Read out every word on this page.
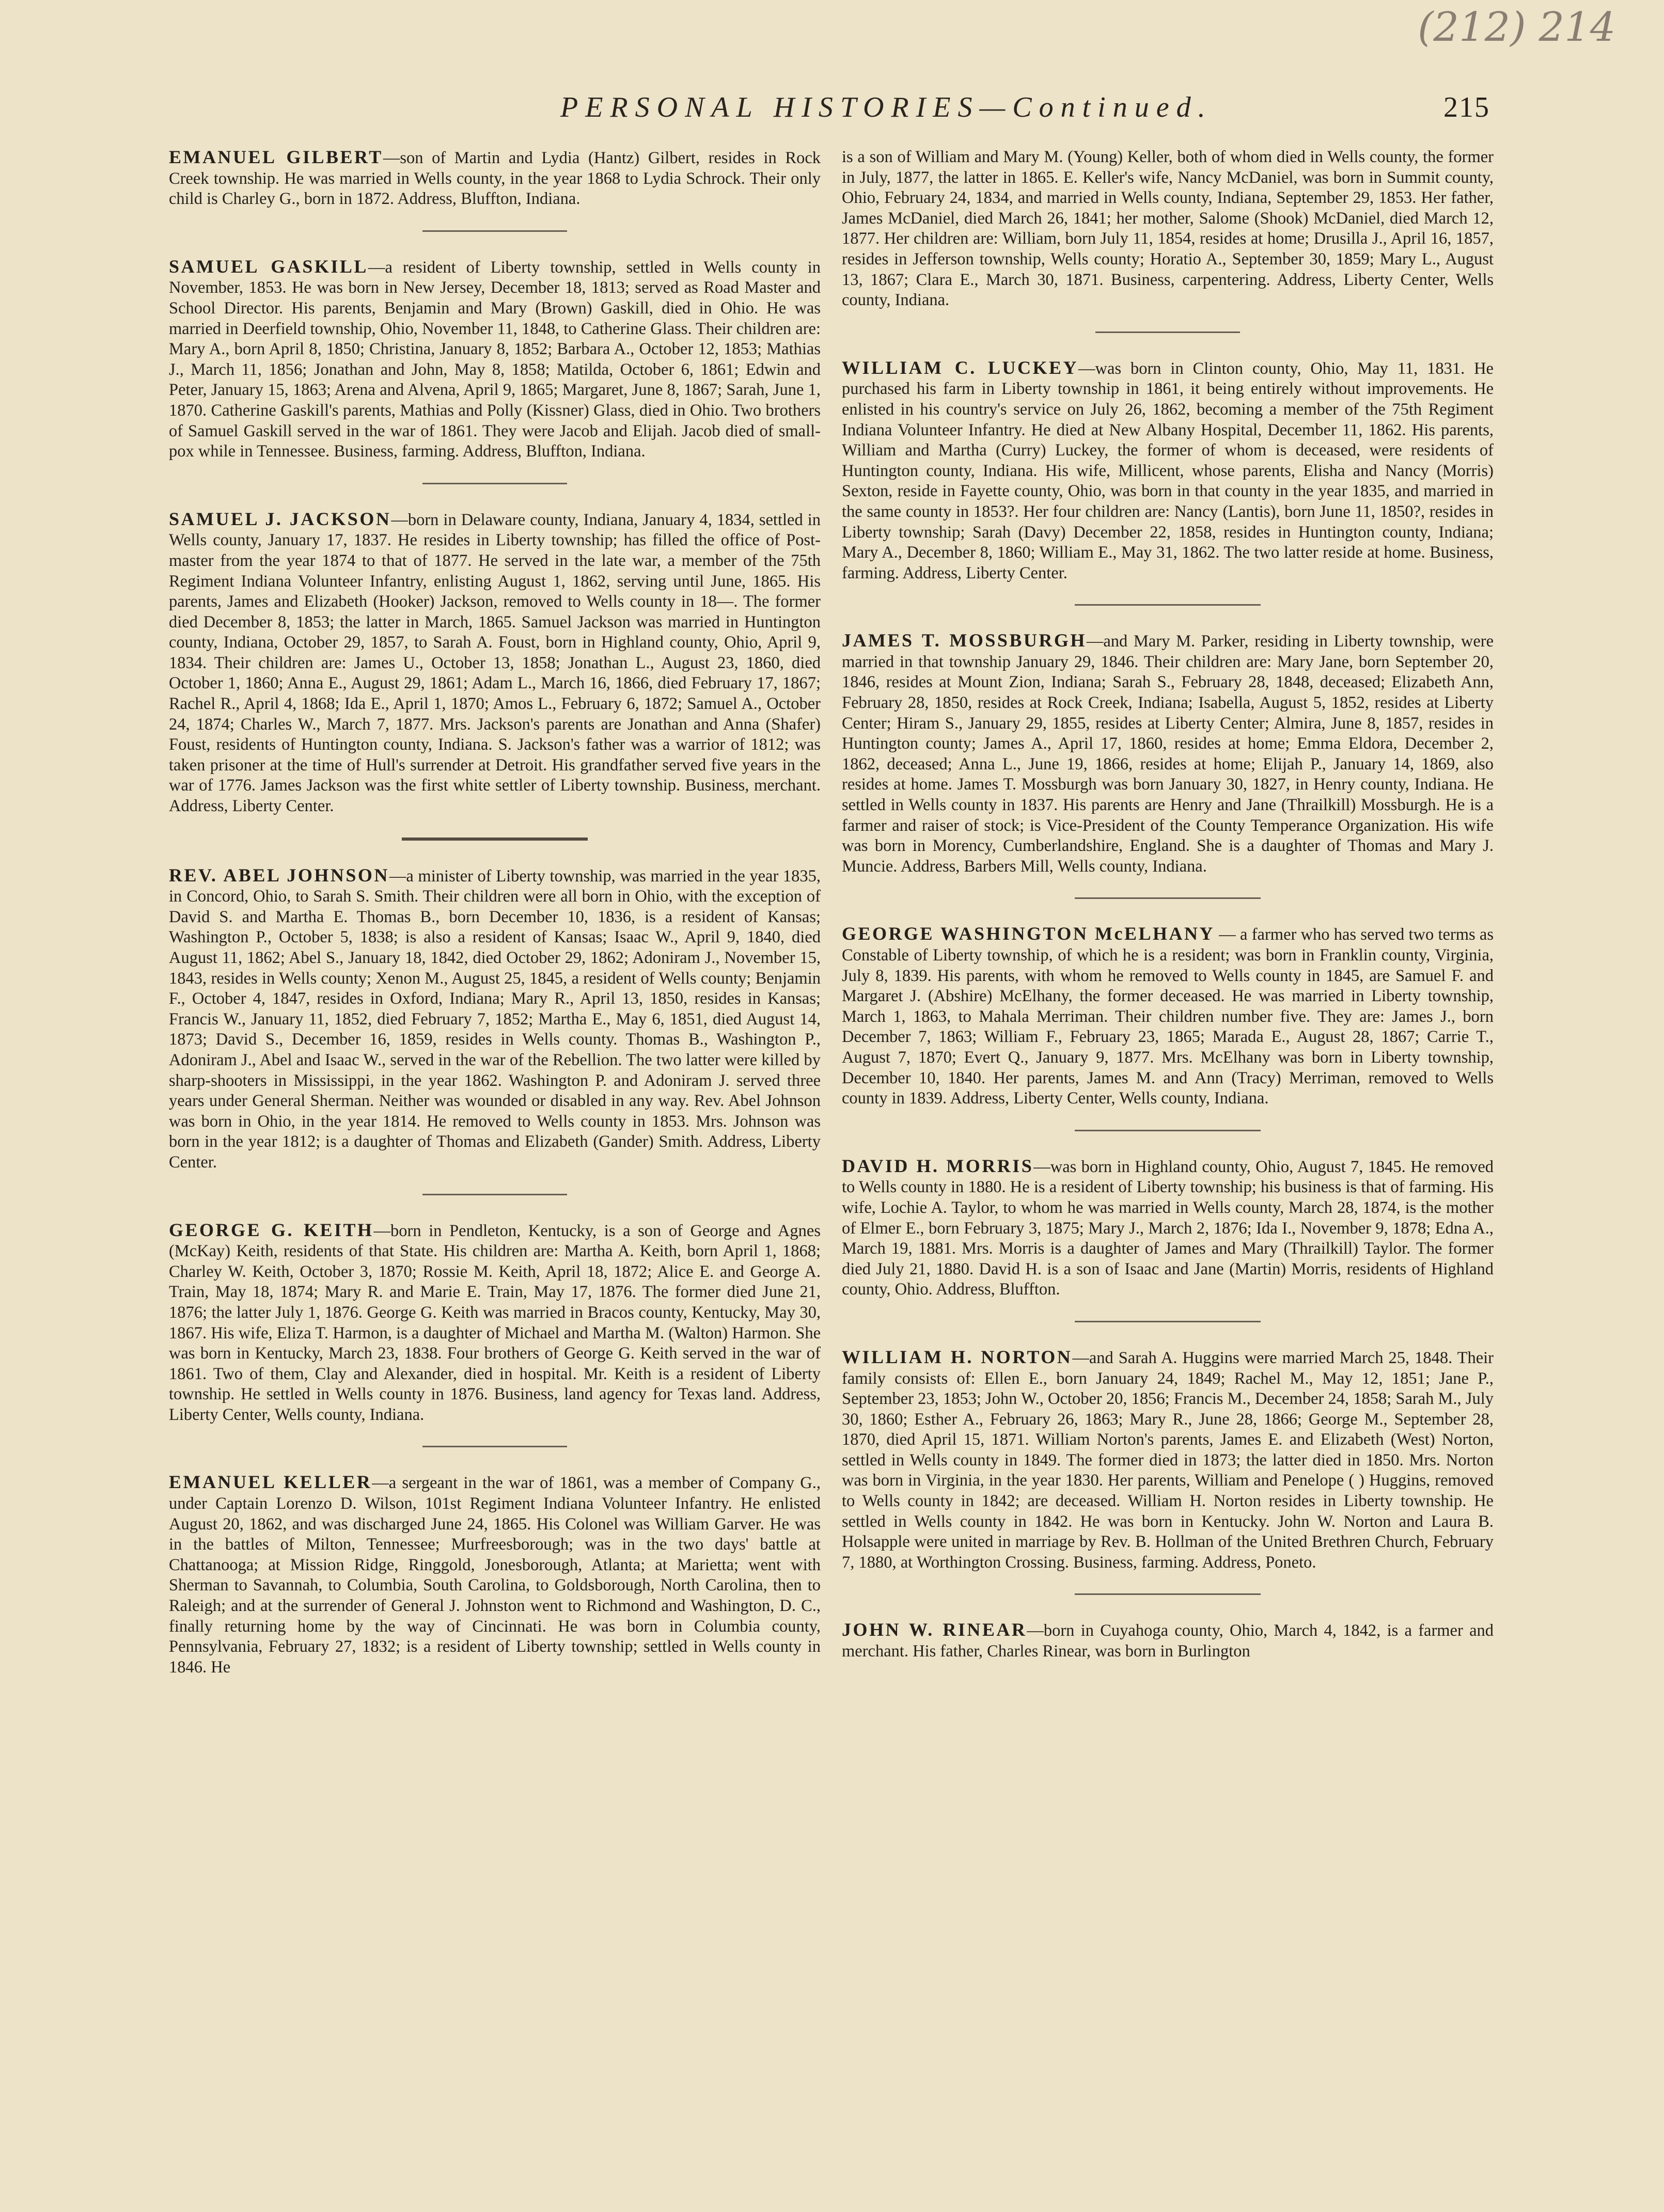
(212) 214
PERSONAL HISTORIES—Continued.	215

EMANUEL GILBERT—son of Martin and Lydia (Hantz) Gilbert, resides in Rock Creek township. He was married in Wells county, in the year 1868 to Lydia Schrock. Their only child is Charley G., born in 1872. Address, Bluffton, Indiana.

SAMUEL GASKILL—a resident of Liberty township, settled in Wells county in November, 1853. He was born in New Jersey, December 18, 1813; served as Road Master and School Director. His parents, Benjamin and Mary (Brown) Gaskill, died in Ohio. He was married in Deerfield township, Ohio, November 11, 1848, to Catherine Glass. Their children are: Mary A., born April 8, 1850; Christina, January 8, 1852; Barbara A., October 12, 1853; Mathias J., March 11, 1856; Jonathan and John, May 8, 1858; Matilda, October 6, 1861; Edwin and Peter, January 15, 1863; Arena and Alvena, April 9, 1865; Margaret, June 8, 1867; Sarah, June 1, 1870. Catherine Gaskill's parents, Mathias and Polly (Kissner) Glass, died in Ohio. Two brothers of Samuel Gaskill served in the war of 1861. They were Jacob and Elijah. Jacob died of small-pox while in Tennessee. Business, farming. Address, Bluffton, Indiana.

SAMUEL J. JACKSON—born in Delaware county, Indiana, January 4, 1834, settled in Wells county, January 17, 1837. He resides in Liberty township; has filled the office of Post-master from the year 1874 to that of 1877. He served in the late war, a member of the 75th Regiment Indiana Volunteer Infantry, enlisting August 1, 1862, serving until June, 1865. His parents, James and Elizabeth (Hooker) Jackson, removed to Wells county in 18—. The former died December 8, 1853; the latter in March, 1865. Samuel Jackson was married in Huntington county, Indiana, October 29, 1857, to Sarah A. Foust, born in Highland county, Ohio, April 9, 1834. Their children are: James U., October 13, 1858; Jonathan L., August 23, 1860, died October 1, 1860; Anna E., August 29, 1861; Adam L., March 16, 1866, died February 17, 1867; Rachel R., April 4, 1868; Ida E., April 1, 1870; Amos L., February 6, 1872; Samuel A., October 24, 1874; Charles W., March 7, 1877. Mrs. Jackson's parents are Jonathan and Anna (Shafer) Foust, residents of Huntington county, Indiana. S. Jackson's father was a warrior of 1812; was taken prisoner at the time of Hull's surrender at Detroit. His grandfather served five years in the war of 1776. James Jackson was the first white settler of Liberty township. Business, merchant. Address, Liberty Center.

REV. ABEL JOHNSON—a minister of Liberty township, was married in the year 1835, in Concord, Ohio, to Sarah S. Smith. Their children were all born in Ohio, with the exception of David S. and Martha E. Thomas B., born December 10, 1836, is a resident of Kansas; Washington P., October 5, 1838; is also a resident of Kansas; Isaac W., April 9, 1840, died August 11, 1862; Abel S., January 18, 1842, died October 29, 1862; Adoniram J., November 15, 1843, resides in Wells county; Xenon M., August 25, 1845, a resident of Wells county; Benjamin F., October 4, 1847, resides in Oxford, Indiana; Mary R., April 13, 1850, resides in Kansas; Francis W., January 11, 1852, died February 7, 1852; Martha E., May 6, 1851, died August 14, 1873; David S., December 16, 1859, resides in Wells county. Thomas B., Washington P., Adoniram J., Abel and Isaac W., served in the war of the Rebellion. The two latter were killed by sharp-shooters in Mississippi, in the year 1862. Washington P. and Adoniram J. served three years under General Sherman. Neither was wounded or disabled in any way. Rev. Abel Johnson was born in Ohio, in the year 1814. He removed to Wells county in 1853. Mrs. Johnson was born in the year 1812; is a daughter of Thomas and Elizabeth (Gander) Smith. Address, Liberty Center.

GEORGE G. KEITH—born in Pendleton, Kentucky, is a son of George and Agnes (McKay) Keith, residents of that State. His children are: Martha A. Keith, born April 1, 1868; Charley W. Keith, October 3, 1870; Rossie M. Keith, April 18, 1872; Alice E. and George A. Train, May 18, 1874; Mary R. and Marie E. Train, May 17, 1876. The former died June 21, 1876; the latter July 1, 1876. George G. Keith was married in Bracos county, Kentucky, May 30, 1867. His wife, Eliza T. Harmon, is a daughter of Michael and Martha M. (Walton) Harmon. She was born in Kentucky, March 23, 1838. Four brothers of George G. Keith served in the war of 1861. Two of them, Clay and Alexander, died in hospital. Mr. Keith is a resident of Liberty township. He settled in Wells county in 1876. Business, land agency for Texas land. Address, Liberty Center, Wells county, Indiana.

EMANUEL KELLER—a sergeant in the war of 1861, was a member of Company G., under Captain Lorenzo D. Wilson, 101st Regiment Indiana Volunteer Infantry. He enlisted August 20, 1862, and was discharged June 24, 1865. His Colonel was William Garver. He was in the battles of Milton, Tennessee; Murfreesborough; was in the two days' battle at Chattanooga; at Mission Ridge, Ringgold, Jonesborough, Atlanta; at Marietta; went with Sherman to Savannah, to Columbia, South Carolina, to Goldsborough, North Carolina, then to Raleigh; and at the surrender of General J. Johnston went to Richmond and Washington, D. C., finally returning home by the way of Cincinnati. He was born in Columbia county, Pennsylvania, February 27, 1832; is a resident of Liberty township; settled in Wells county in 1846. He

is a son of William and Mary M. (Young) Keller, both of whom died in Wells county, the former in July, 1877, the latter in 1865. E. Keller's wife, Nancy McDaniel, was born in Summit county, Ohio, February 24, 1834, and married in Wells county, Indiana, September 29, 1853. Her father, James McDaniel, died March 26, 1841; her mother, Salome (Shook) McDaniel, died March 12, 1877. Her children are: William, born July 11, 1854, resides at home; Drusilla J., April 16, 1857, resides in Jefferson township, Wells county; Horatio A., September 30, 1859; Mary L., August 13, 1867; Clara E., March 30, 1871. Business, carpentering. Address, Liberty Center, Wells county, Indiana.

WILLIAM C. LUCKEY—was born in Clinton county, Ohio, May 11, 1831. He purchased his farm in Liberty township in 1861, it being entirely without improvements. He enlisted in his country's service on July 26, 1862, becoming a member of the 75th Regiment Indiana Volunteer Infantry. He died at New Albany Hospital, December 11, 1862. His parents, William and Martha (Curry) Luckey, the former of whom is deceased, were residents of Huntington county, Indiana. His wife, Millicent, whose parents, Elisha and Nancy (Morris) Sexton, reside in Fayette county, Ohio, was born in that county in the year 1835, and married in the same county in 1853?. Her four children are: Nancy (Lantis), born June 11, 1850?, resides in Liberty township; Sarah (Davy) December 22, 1858, resides in Huntington county, Indiana; Mary A., December 8, 1860; William E., May 31, 1862. The two latter reside at home. Business, farming. Address, Liberty Center.

JAMES T. MOSSBURGH—and Mary M. Parker, residing in Liberty township, were married in that township January 29, 1846. Their children are: Mary Jane, born September 20, 1846, resides at Mount Zion, Indiana; Sarah S., February 28, 1848, deceased; Elizabeth Ann, February 28, 1850, resides at Rock Creek, Indiana; Isabella, August 5, 1852, resides at Liberty Center; Hiram S., January 29, 1855, resides at Liberty Center; Almira, June 8, 1857, resides in Huntington county; James A., April 17, 1860, resides at home; Emma Eldora, December 2, 1862, deceased; Anna L., June 19, 1866, resides at home; Elijah P., January 14, 1869, also resides at home. James T. Mossburgh was born January 30, 1827, in Henry county, Indiana. He settled in Wells county in 1837. His parents are Henry and Jane (Thrailkill) Mossburgh. He is a farmer and raiser of stock; is Vice-President of the County Temperance Organization. His wife was born in Morency, Cumberlandshire, England. She is a daughter of Thomas and Mary J. Muncie. Address, Barbers Mill, Wells county, Indiana.

GEORGE WASHINGTON McELHANY — a farmer who has served two terms as Constable of Liberty township, of which he is a resident; was born in Franklin county, Virginia, July 8, 1839. His parents, with whom he removed to Wells county in 1845, are Samuel F. and Margaret J. (Abshire) McElhany, the former deceased. He was married in Liberty township, March 1, 1863, to Mahala Merriman. Their children number five. They are: James J., born December 7, 1863; William F., February 23, 1865; Marada E., August 28, 1867; Carrie T., August 7, 1870; Evert Q., January 9, 1877. Mrs. McElhany was born in Liberty township, December 10, 1840. Her parents, James M. and Ann (Tracy) Merriman, removed to Wells county in 1839. Address, Liberty Center, Wells county, Indiana.

DAVID H. MORRIS—was born in Highland county, Ohio, August 7, 1845. He removed to Wells county in 1880. He is a resident of Liberty township; his business is that of farming. His wife, Lochie A. Taylor, to whom he was married in Wells county, March 28, 1874, is the mother of Elmer E., born February 3, 1875; Mary J., March 2, 1876; Ida I., November 9, 1878; Edna A., March 19, 1881. Mrs. Morris is a daughter of James and Mary (Thrailkill) Taylor. The former died July 21, 1880. David H. is a son of Isaac and Jane (Martin) Morris, residents of Highland county, Ohio. Address, Bluffton.

WILLIAM H. NORTON—and Sarah A. Huggins were married March 25, 1848. Their family consists of: Ellen E., born January 24, 1849; Rachel M., May 12, 1851; Jane P., September 23, 1853; John W., October 20, 1856; Francis M., December 24, 1858; Sarah M., July 30, 1860; Esther A., February 26, 1863; Mary R., June 28, 1866; George M., September 28, 1870, died April 15, 1871. William Norton's parents, James E. and Elizabeth (West) Norton, settled in Wells county in 1849. The former died in 1873; the latter died in 1850. Mrs. Norton was born in Virginia, in the year 1830. Her parents, William and Penelope ( ) Huggins, removed to Wells county in 1842; are deceased. William H. Norton resides in Liberty township. He settled in Wells county in 1842. He was born in Kentucky. John W. Norton and Laura B. Holsapple were united in marriage by Rev. B. Hollman of the United Brethren Church, February 7, 1880, at Worthington Crossing. Business, farming. Address, Poneto.

JOHN W. RINEAR—born in Cuyahoga county, Ohio, March 4, 1842, is a farmer and merchant. His father, Charles Rinear, was born in Burlington
